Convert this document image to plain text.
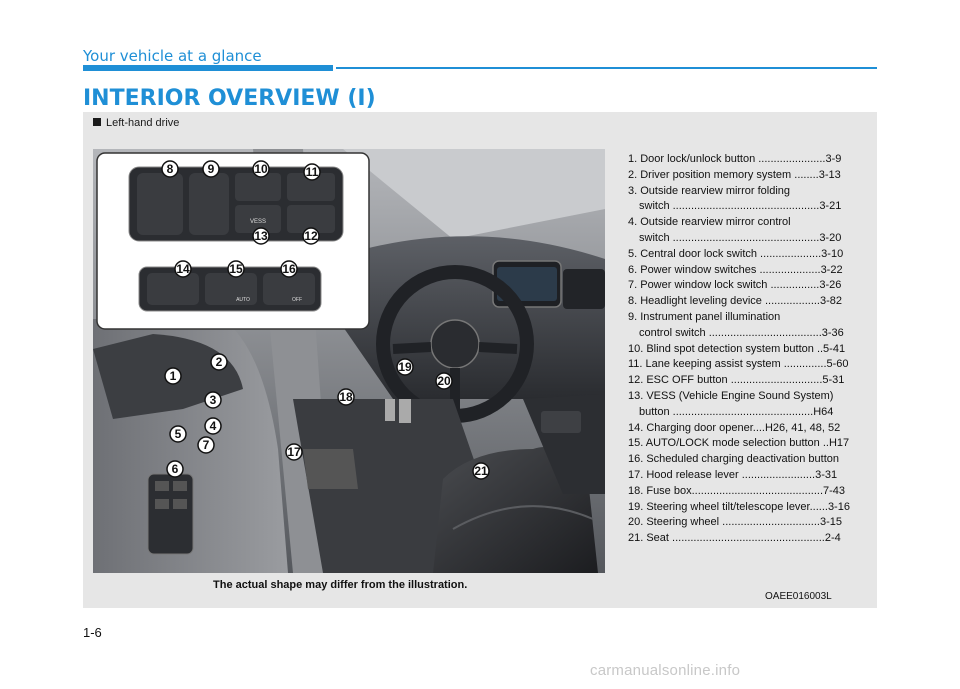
Your vehicle at a glance
INTERIOR OVERVIEW (I)
Left-hand drive
VESS
AUTO	OFF
1
2
3
4
5
6
7
8	9	10	11
12
13
14	15	16
17
18
19
20
21
The actual shape may differ from the illustration.
OAEE016003L
1. Door lock/unlock button ......................3-9
2. Driver position memory system ........3-13
3. Outside rearview mirror folding
switch ................................................3-21
4. Outside rearview mirror control
switch ................................................3-20
5. Central door lock switch ....................3-10
6. Power window switches ....................3-22
7. Power window lock switch ................3-26
8. Headlight leveling device ..................3-82
9. Instrument panel illumination
control switch .....................................3-36
10. Blind spot detection system button ..5-41
11. Lane keeping assist system ..............5-60
12. ESC OFF button ..............................5-31
13. VESS (Vehicle Engine Sound System)
button ..............................................H64
14. Charging door opener....H26, 41, 48, 52
15. AUTO/LOCK mode selection button ..H17
16. Scheduled charging deactivation button
17. Hood release lever ........................3-31
18. Fuse box...........................................7-43
19. Steering wheel tilt/telescope lever......3-16
20. Steering wheel ................................3-15
21. Seat ..................................................2-4
1-6
carmanualsonline.info
